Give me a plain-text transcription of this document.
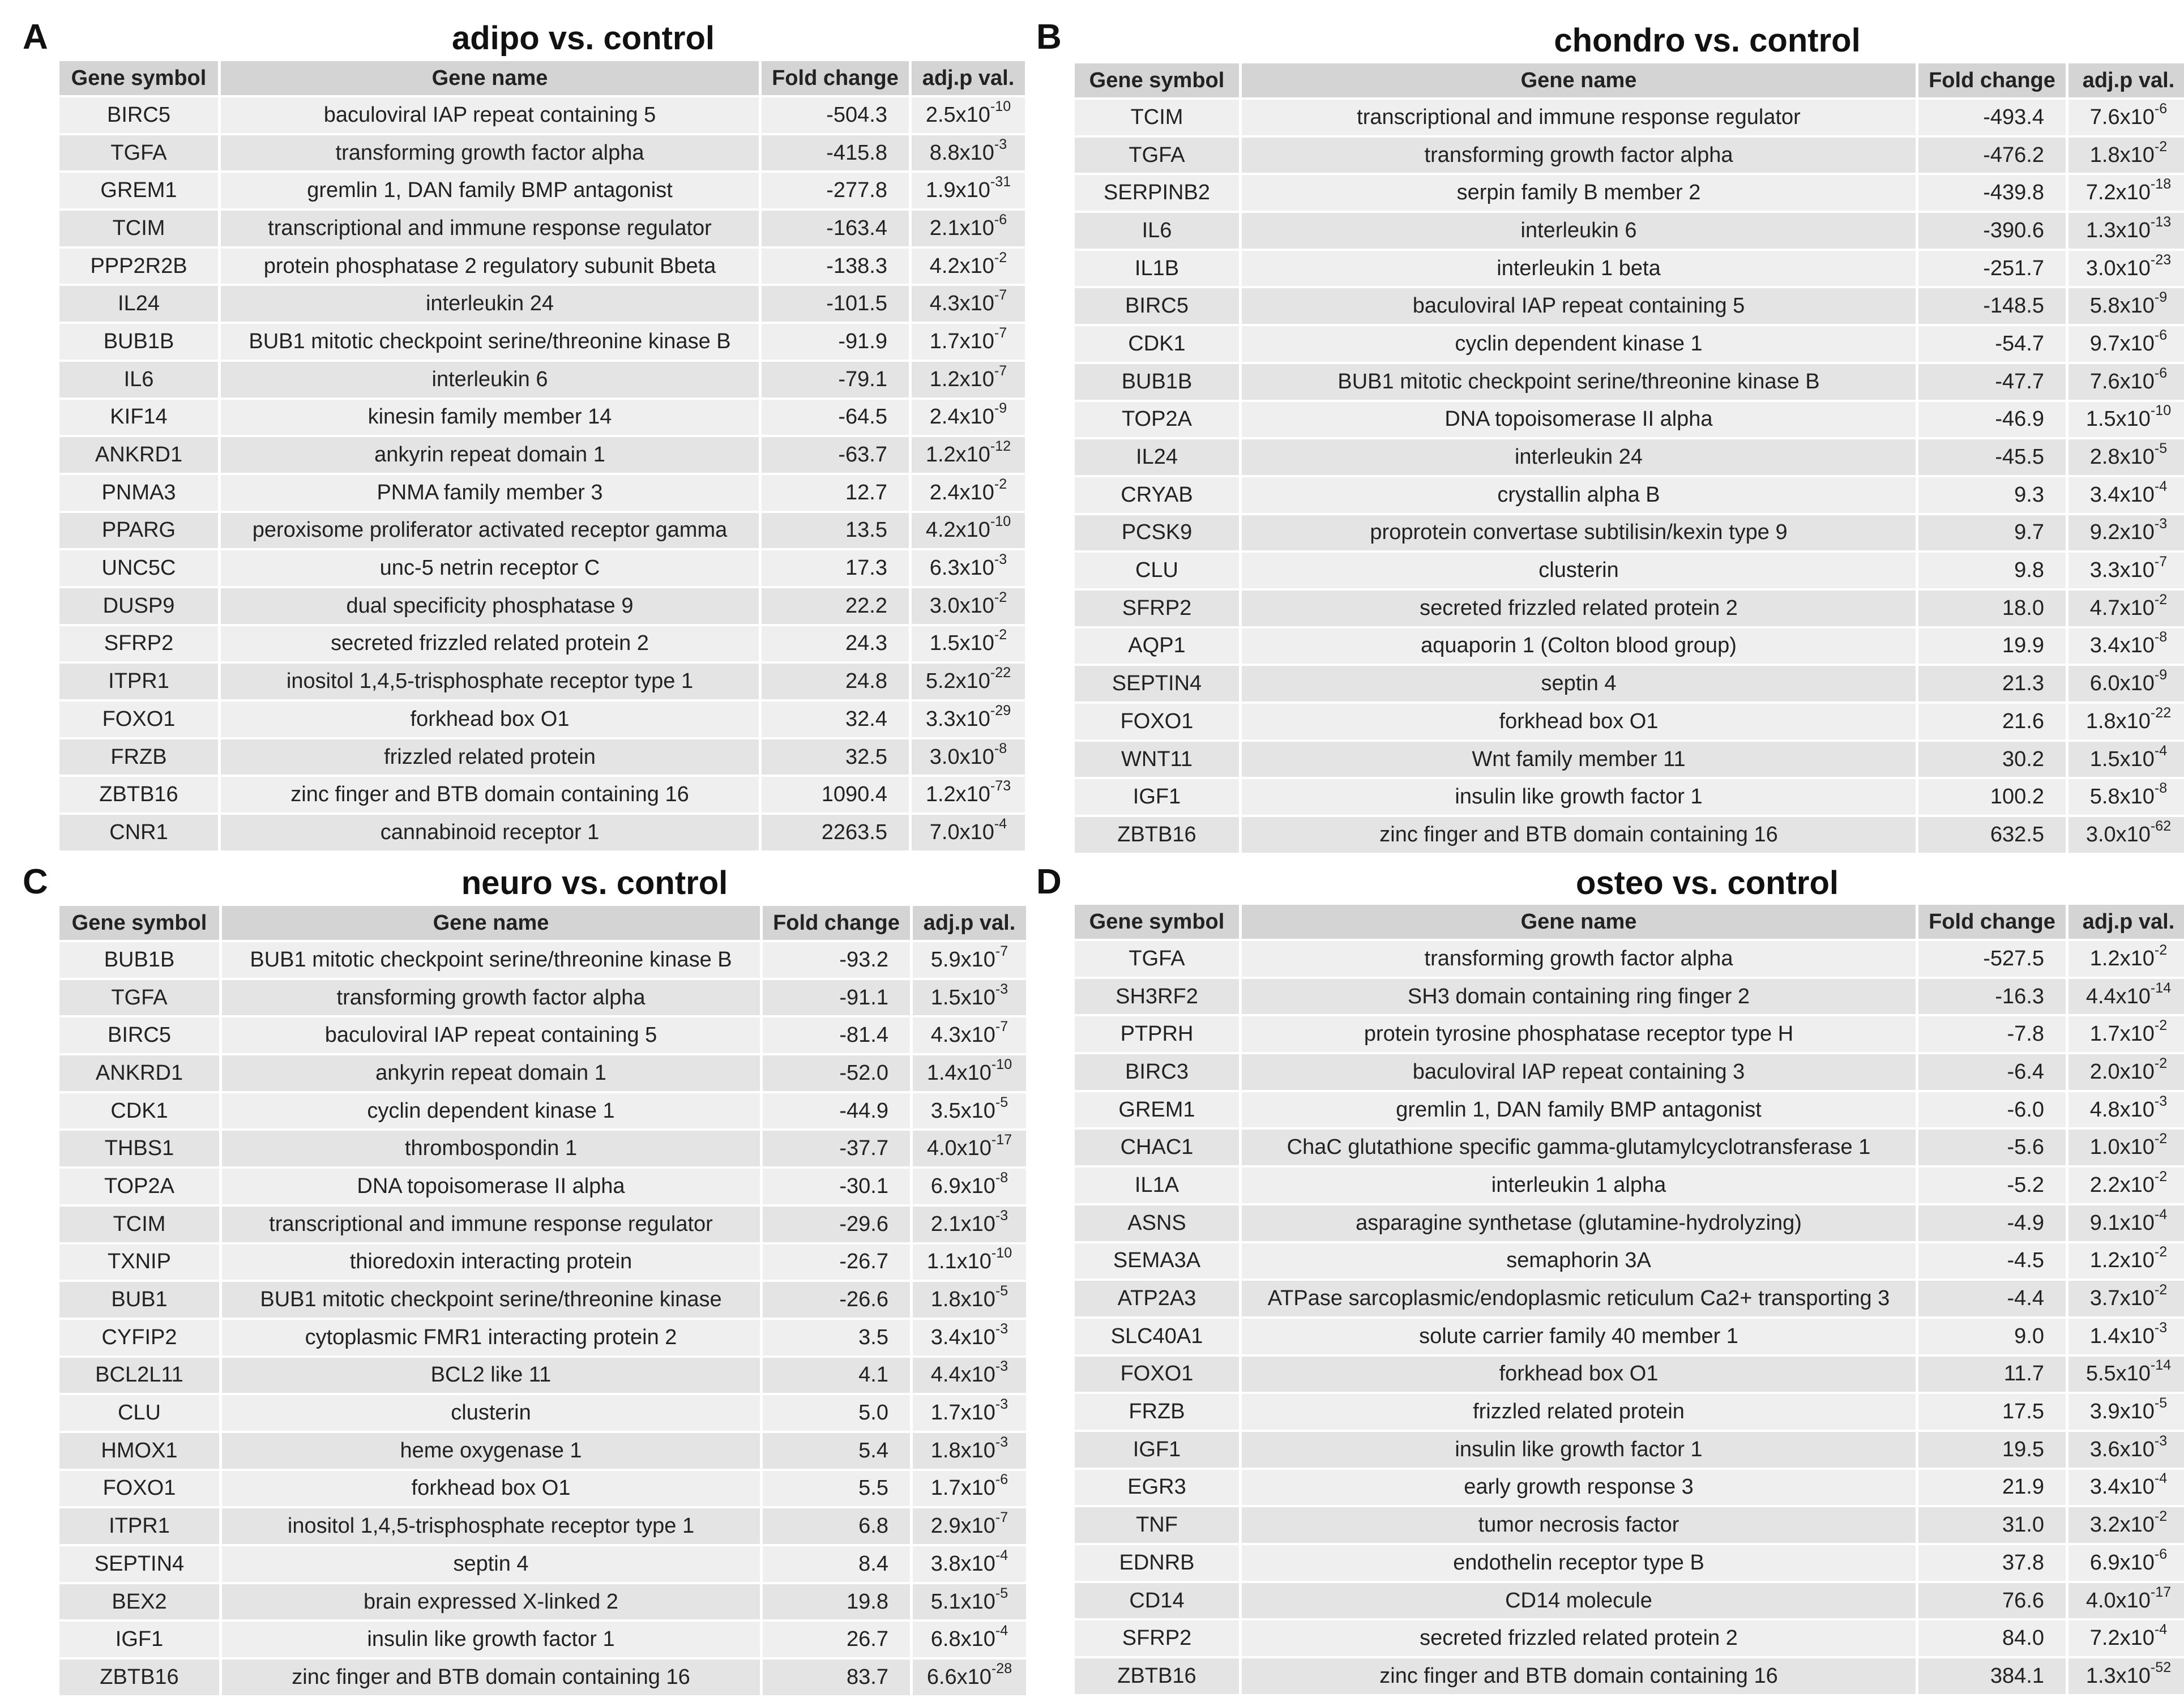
A	adipo vs. control
Gene symbol	Gene name	Fold change	adj.p val.
BIRC5	baculoviral IAP repeat containing 5	-504.3	$2.5x10^{-10}$
TGFA	transforming growth factor alpha	-415.8	$8.8x10^{-3}$
GREM1	gremlin 1, DAN family BMP antagonist	-277.8	$1.9x10^{-31}$
TCIM	transcriptional and immune response regulator	-163.4	$2.1x10^{-6}$
PPP2R2B	protein phosphatase 2 regulatory subunit Bbeta	-138.3	$4.2x10^{-2}$
IL24	interleukin 24	-101.5	$4.3x10^{-7}$
BUB1B	BUB1 mitotic checkpoint serine/threonine kinase B	-91.9	$1.7x10^{-7}$
IL6	interleukin 6	-79.1	$1.2x10^{-7}$
KIF14	kinesin family member 14	-64.5	$2.4x10^{-9}$
ANKRD1	ankyrin repeat domain 1	-63.7	$1.2x10^{-12}$
PNMA3	PNMA family member 3	12.7	$2.4x10^{-2}$
PPARG	peroxisome proliferator activated receptor gamma	13.5	$4.2x10^{-10}$
UNC5C	unc-5 netrin receptor C	17.3	$6.3x10^{-3}$
DUSP9	dual specificity phosphatase 9	22.2	$3.0x10^{-2}$
SFRP2	secreted frizzled related protein 2	24.3	$1.5x10^{-2}$
ITPR1	inositol 1,4,5-trisphosphate receptor type 1	24.8	$5.2x10^{-22}$
FOXO1	forkhead box O1	32.4	$3.3x10^{-29}$
FRZB	frizzled related protein	32.5	$3.0x10^{-8}$
ZBTB16	zinc finger and BTB domain containing 16	1090.4	$1.2x10^{-73}$
CNR1	cannabinoid receptor 1	2263.5	$7.0x10^{-4}$
B	chondro vs. control
Gene symbol	Gene name	Fold change	adj.p val.
TCIM	transcriptional and immune response regulator	-493.4	$7.6x10^{-6}$
TGFA	transforming growth factor alpha	-476.2	$1.8x10^{-2}$
SERPINB2	serpin family B member 2	-439.8	$7.2x10^{-18}$
IL6	interleukin 6	-390.6	$1.3x10^{-13}$
IL1B	interleukin 1 beta	-251.7	$3.0x10^{-23}$
BIRC5	baculoviral IAP repeat containing 5	-148.5	$5.8x10^{-9}$
CDK1	cyclin dependent kinase 1	-54.7	$9.7x10^{-6}$
BUB1B	BUB1 mitotic checkpoint serine/threonine kinase B	-47.7	$7.6x10^{-6}$
TOP2A	DNA topoisomerase II alpha	-46.9	$1.5x10^{-10}$
IL24	interleukin 24	-45.5	$2.8x10^{-5}$
CRYAB	crystallin alpha B	9.3	$3.4x10^{-4}$
PCSK9	proprotein convertase subtilisin/kexin type 9	9.7	$9.2x10^{-3}$
CLU	clusterin	9.8	$3.3x10^{-7}$
SFRP2	secreted frizzled related protein 2	18.0	$4.7x10^{-2}$
AQP1	aquaporin 1 (Colton blood group)	19.9	$3.4x10^{-8}$
SEPTIN4	septin 4	21.3	$6.0x10^{-9}$
FOXO1	forkhead box O1	21.6	$1.8x10^{-22}$
WNT11	Wnt family member 11	30.2	$1.5x10^{-4}$
IGF1	insulin like growth factor 1	100.2	$5.8x10^{-8}$
ZBTB16	zinc finger and BTB domain containing 16	632.5	$3.0x10^{-62}$
C	neuro vs. control
Gene symbol	Gene name	Fold change	adj.p val.
BUB1B	BUB1 mitotic checkpoint serine/threonine kinase B	-93.2	$5.9x10^{-7}$
TGFA	transforming growth factor alpha	-91.1	$1.5x10^{-3}$
BIRC5	baculoviral IAP repeat containing 5	-81.4	$4.3x10^{-7}$
ANKRD1	ankyrin repeat domain 1	-52.0	$1.4x10^{-10}$
CDK1	cyclin dependent kinase 1	-44.9	$3.5x10^{-5}$
THBS1	thrombospondin 1	-37.7	$4.0x10^{-17}$
TOP2A	DNA topoisomerase II alpha	-30.1	$6.9x10^{-8}$
TCIM	transcriptional and immune response regulator	-29.6	$2.1x10^{-3}$
TXNIP	thioredoxin interacting protein	-26.7	$1.1x10^{-10}$
BUB1	BUB1 mitotic checkpoint serine/threonine kinase	-26.6	$1.8x10^{-5}$
CYFIP2	cytoplasmic FMR1 interacting protein 2	3.5	$3.4x10^{-3}$
BCL2L11	BCL2 like 11	4.1	$4.4x10^{-3}$
CLU	clusterin	5.0	$1.7x10^{-3}$
HMOX1	heme oxygenase 1	5.4	$1.8x10^{-3}$
FOXO1	forkhead box O1	5.5	$1.7x10^{-6}$
ITPR1	inositol 1,4,5-trisphosphate receptor type 1	6.8	$2.9x10^{-7}$
SEPTIN4	septin 4	8.4	$3.8x10^{-4}$
BEX2	brain expressed X-linked 2	19.8	$5.1x10^{-5}$
IGF1	insulin like growth factor 1	26.7	$6.8x10^{-4}$
ZBTB16	zinc finger and BTB domain containing 16	83.7	$6.6x10^{-28}$
D	osteo vs. control
Gene symbol	Gene name	Fold change	adj.p val.
TGFA	transforming growth factor alpha	-527.5	$1.2x10^{-2}$
SH3RF2	SH3 domain containing ring finger 2	-16.3	$4.4x10^{-14}$
PTPRH	protein tyrosine phosphatase receptor type H	-7.8	$1.7x10^{-2}$
BIRC3	baculoviral IAP repeat containing 3	-6.4	$2.0x10^{-2}$
GREM1	gremlin 1, DAN family BMP antagonist	-6.0	$4.8x10^{-3}$
CHAC1	ChaC glutathione specific gamma-glutamylcyclotransferase 1	-5.6	$1.0x10^{-2}$
IL1A	interleukin 1 alpha	-5.2	$2.2x10^{-2}$
ASNS	asparagine synthetase (glutamine-hydrolyzing)	-4.9	$9.1x10^{-4}$
SEMA3A	semaphorin 3A	-4.5	$1.2x10^{-2}$
ATP2A3	ATPase sarcoplasmic/endoplasmic reticulum Ca2+ transporting 3	-4.4	$3.7x10^{-2}$
SLC40A1	solute carrier family 40 member 1	9.0	$1.4x10^{-3}$
FOXO1	forkhead box O1	11.7	$5.5x10^{-14}$
FRZB	frizzled related protein	17.5	$3.9x10^{-5}$
IGF1	insulin like growth factor 1	19.5	$3.6x10^{-3}$
EGR3	early growth response 3	21.9	$3.4x10^{-4}$
TNF	tumor necrosis factor	31.0	$3.2x10^{-2}$
EDNRB	endothelin receptor type B	37.8	$6.9x10^{-6}$
CD14	CD14 molecule	76.6	$4.0x10^{-17}$
SFRP2	secreted frizzled related protein 2	84.0	$7.2x10^{-4}$
ZBTB16	zinc finger and BTB domain containing 16	384.1	$1.3x10^{-52}$
